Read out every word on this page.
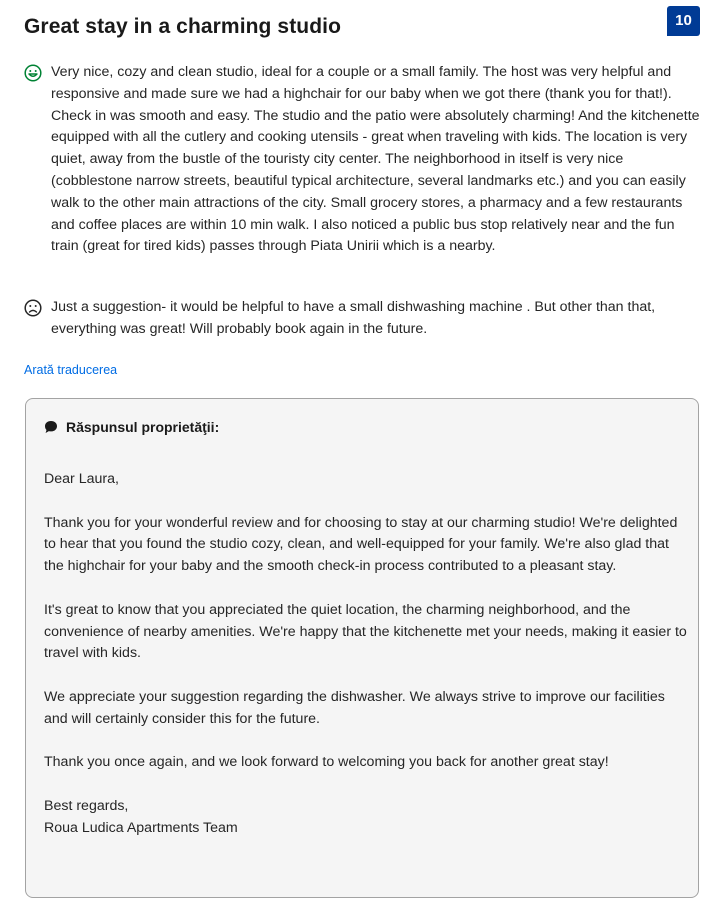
Great stay in a charming studio	10

Very nice, cozy and clean studio, ideal for a couple or a small family. The host was very helpful and responsive and made sure we had a highchair for our baby when we got there (thank you for that!). Check in was smooth and easy. The studio and the patio were absolutely charming! And the kitchenette equipped with all the cutlery and cooking utensils - great when traveling with kids. The location is very quiet, away from the bustle of the touristy city center. The neighborhood in itself is very nice (cobblestone narrow streets, beautiful typical architecture, several landmarks etc.) and you can easily walk to the other main attractions of the city. Small grocery stores, a pharmacy and a few restaurants and coffee places are within 10 min walk. I also noticed a public bus stop relatively near and the fun train (great for tired kids) passes through Piata Unirii which is a nearby.

Just a suggestion- it would be helpful to have a small dishwashing machine . But other than that, everything was great! Will probably book again in the future.

Arată traducerea
Răspunsul proprietăţii:

Dear Laura,

Thank you for your wonderful review and for choosing to stay at our charming studio! We're delighted to hear that you found the studio cozy, clean, and well-equipped for your family. We're also glad that the highchair for your baby and the smooth check-in process contributed to a pleasant stay.

It's great to know that you appreciated the quiet location, the charming neighborhood, and the convenience of nearby amenities. We're happy that the kitchenette met your needs, making it easier to travel with kids.

We appreciate your suggestion regarding the dishwasher. We always strive to improve our facilities and will certainly consider this for the future.

Thank you once again, and we look forward to welcoming you back for another great stay!

Best regards,

Roua Ludica Apartments Team
